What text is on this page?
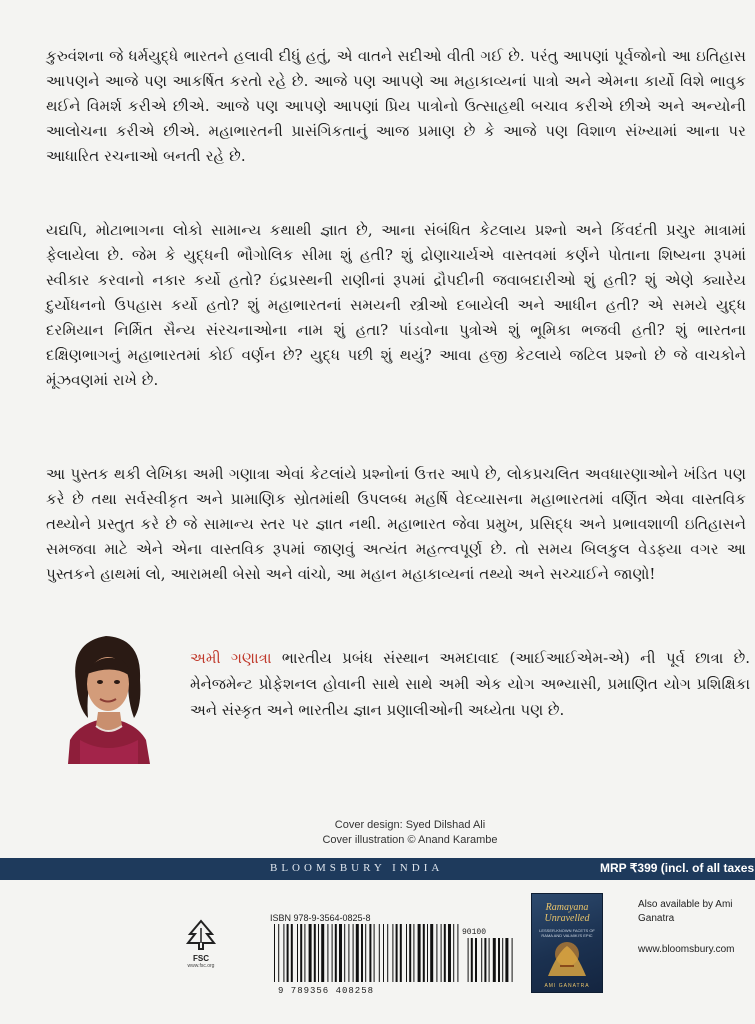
કુરુવંશના જે ધર્મયુદ્ધે ભારતને હલાવી દીધું હતું, એ વાતને સદીઓ વીતી ગઈ છે. પરંતુ આપણાં પૂર્વજોનો આ ઇતિહાસ આપણને આજે પણ આકર્ષિત કરતો રહે છે. આજે પણ આપણે આ મહાકાવ્યનાં પાત્રો અને એમના કાર્યો વિશે ભાવુક થઈને વિમર્શ કરીએ છીએ. આજે પણ આપણે આપણાં પ્રિય પાત્રોનો ઉત્સાહથી બચાવ કરીએ છીએ અને અન્યોની આલોચના કરીએ છીએ. મહાભારતની પ્રાસંગિકતાનું આજ પ્રમાણ છે કે આજે પણ વિશાળ સંખ્યામાં આના પર આધારિત રચનાઓ બનતી રહે છે.

યદ્યપિ, મોટાભાગના લોકો સામાન્ય કથાથી જ્ઞાત છે, આના સંબંધિત કેટલાય પ્રશ્નો અને કિંવદંતી પ્રચુર માત્રામાં ફેલાયેલા છે. જેમ કે યુદ્ધની ભૌગોલિક સીમા શું હતી? શું દ્રોણાચાર્યએ વાસ્તવમાં કર્ણને પોતાના શિષ્યના રૂપમાં સ્વીકાર કરવાનો નકાર કર્યો હતો? ઇંદ્રપ્રસ્થની રાણીનાં રૂપમાં દ્રૌપદીની જવાબદારીઓ શું હતી? શું એણે ક્યારેય દુર્યોધનનો ઉપહાસ કર્યો હતો? શું મહાભારતનાં સમયની સ્ત્રીઓ દબાયેલી અને આધીન હતી? એ સમયે યુદ્ધ દરમિયાન નિર્મિત સૈન્ય સંરચનાઓના નામ શું હતા? પાંડવોના પુત્રોએ શું ભૂમિકા ભજવી હતી? શું ભારતના દક્ષિણભાગનું મહાભારતમાં કોઈ વર્ણન છે? યુદ્ધ પછી શું થયું? આવા હજી કેટલાયે જટિલ પ્રશ્નો છે જે વાચકોને મૂંઝવણમાં રાખે છે.

આ પુસ્તક થકી લેખિકા અમી ગણાત્રા એવાં કેટલાંયે પ્રશ્નોનાં ઉત્તર આપે છે, લોકપ્રચલિત અવધારણાઓને ખંડિત પણ કરે છે તથા સર્વસ્વીકૃત અને પ્રામાણિક સ્રોતમાંથી ઉપલબ્ધ મહર્ષિ વેદવ્યાસના મહાભારતમાં વર્ણિત એવા વાસ્તવિક તથ્યોને પ્રસ્તુત કરે છે જે સામાન્ય સ્તર પર જ્ઞાત નથી. મહાભારત જેવા પ્રમુખ, પ્રસિદ્ધ અને પ્રભાવશાળી ઇતિહાસને સમજવા માટે એને એના વાસ્તવિક રૂપમાં જાણવું અત્યંત મહત્ત્વપૂર્ણ છે. તો સમય બિલકુલ વેડફ્યા વગર આ પુસ્તકને હાથમાં લો, આરામથી બેસો અને વાંચો, આ મહાન મહાકાવ્યનાં તથ્યો અને સચ્ચાઈને જાણો!

અમી ગણાત્રા ભારતીય પ્રબંધ સંસ્થાન અમદાવાદ (આઈઆઈએમ-એ) ની પૂર્વ છાત્રા છે. મેનેજમેન્ટ પ્રોફેશનલ હોવાની સાથે સાથે અમી એક યોગ અભ્યાસી, પ્રમાણિત યોગ પ્રશિક્ષિકા અને સંસ્કૃત અને ભારતીય જ્ઞાન પ્રણાલીઓની અધ્યેતા પણ છે.

Cover design: Syed Dilshad Ali
Cover illustration © Anand Karambe
BLOOMSBURY INDIA	MRP ₹399 (incl. of all taxes
FSC
www.fsc.org
ISBN 978-9-3564-0825-8
90100
9 789356 408258
Ramayana Unravelled
LESSER-KNOWN FACETS OF RAMA AND VALMIKI'S EPIC
AMI GANATRA
Also available by Ami Ganatra
www.bloomsbury.com
